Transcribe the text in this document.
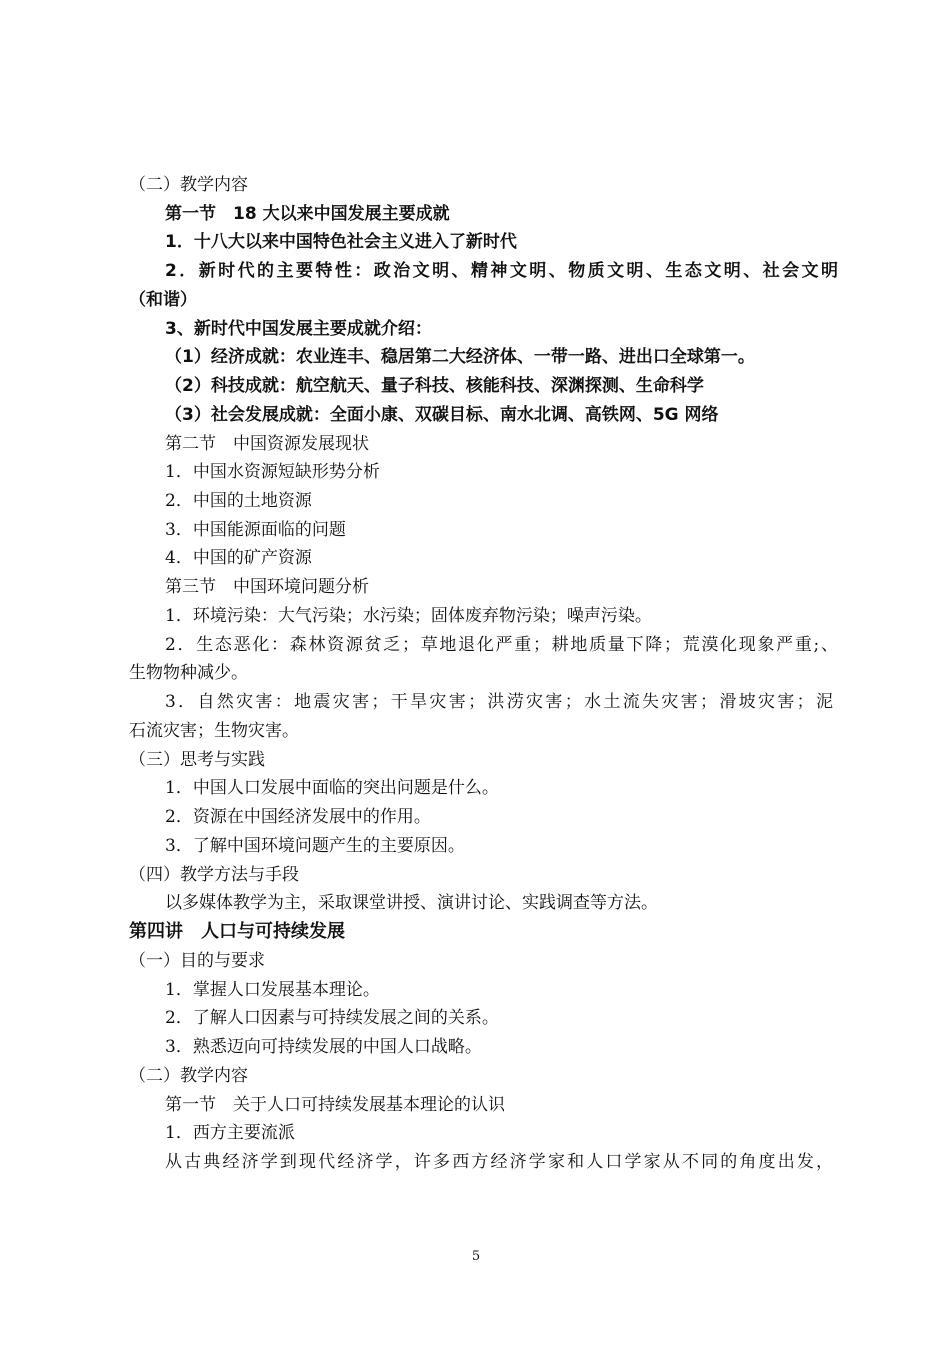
（二）教学内容
第一节　18 大以来中国发展主要成就
1．十八大以来中国特色社会主义进入了新时代
2．新时代的主要特性：政治文明、精神文明、物质文明、生态文明、社会文明
（和谐）
3、新时代中国发展主要成就介绍：
（1）经济成就：农业连丰、稳居第二大经济体、一带一路、进出口全球第一。
（2）科技成就：航空航天、量子科技、核能科技、深渊探测、生命科学
（3）社会发展成就：全面小康、双碳目标、南水北调、高铁网、5G 网络
第二节　中国资源发展现状
1．中国水资源短缺形势分析
2．中国的土地资源
3．中国能源面临的问题
4．中国的矿产资源
第三节　中国环境问题分析
1．环境污染：大气污染；水污染；固体废弃物污染；噪声污染。
2．生态恶化：森林资源贫乏；草地退化严重；耕地质量下降；荒漠化现象严重;、
生物物种减少。
3．自然灾害：地震灾害；干旱灾害；洪涝灾害；水土流失灾害；滑坡灾害；泥
石流灾害；生物灾害。
（三）思考与实践
1．中国人口发展中面临的突出问题是什么。
2．资源在中国经济发展中的作用。
3．了解中国环境问题产生的主要原因。
（四）教学方法与手段
以多媒体教学为主，采取课堂讲授、演讲讨论、实践调查等方法。
第四讲　人口与可持续发展
（一）目的与要求
1．掌握人口发展基本理论。
2．了解人口因素与可持续发展之间的关系。
3．熟悉迈向可持续发展的中国人口战略。
（二）教学内容
第一节　关于人口可持续发展基本理论的认识
1．西方主要流派
从古典经济学到现代经济学，许多西方经济学家和人口学家从不同的角度出发，
5
